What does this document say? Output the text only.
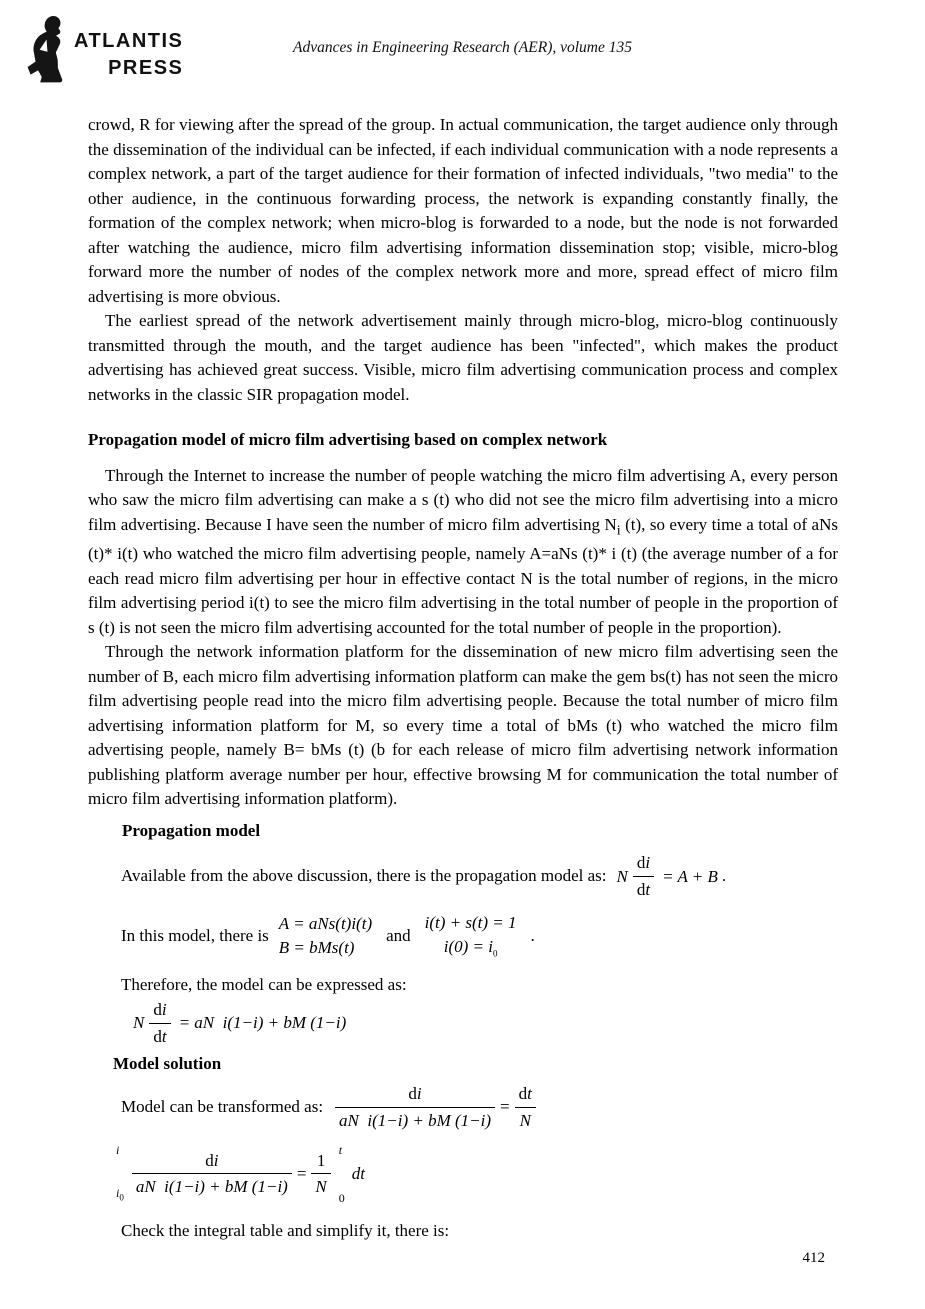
ATLANTIS
PRESS
Advances in Engineering Research (AER), volume 135

crowd, R for viewing after the spread of the group. In actual communication, the target audience only through the dissemination of the individual can be infected, if each individual communication with a node represents a complex network, a part of the target audience for their formation of infected individuals, "two media" to the other audience, in the continuous forwarding process, the network is expanding constantly finally, the formation of the complex network; when micro-blog is forwarded to a node, but the node is not forwarded after watching the audience, micro film advertising information dissemination stop; visible, micro-blog forward more the number of nodes of the complex network more and more, spread effect of micro film advertising is more obvious.

The earliest spread of the network advertisement mainly through micro-blog, micro-blog continuously transmitted through the mouth, and the target audience has been "infected", which makes the product advertising has achieved great success. Visible, micro film advertising communication process and complex networks in the classic SIR propagation model.

Propagation model of micro film advertising based on complex network

Through the Internet to increase the number of people watching the micro film advertising A, every person who saw the micro film advertising can make a s (t) who did not see the micro film advertising into a micro film advertising. Because I have seen the number of micro film advertising $N_i$ (t), so every time a total of aNs (t)* i(t) who watched the micro film advertising people, namely A=aNs (t)* i (t) (the average number of a for each read micro film advertising per hour in effective contact N is the total number of regions, in the micro film advertising period i(t) to see the micro film advertising in the total number of people in the proportion of s (t) is not seen the micro film advertising accounted for the total number of people in the proportion).

Through the network information platform for the dissemination of new micro film advertising seen the number of B, each micro film advertising information platform can make the gem bs(t) has not seen the micro film advertising people read into the micro film advertising people. Because the total number of micro film advertising information platform for M, so every time a total of bMs (t) who watched the micro film advertising people, namely B= bMs (t) (b for each release of micro film advertising network information publishing platform average number per hour, effective browsing M for communication the total number of micro film advertising information platform).

Propagation model
Available from the above discussion, there is the propagation model as: N $\frac{di}{dt} = A + B$ .
In this model, there is
A = aNs(t)i(t)
B = bMs(t)
and
i(t) + s(t) = 1
$i(0) = i_0$
.
Therefore, the model can be expressed as:
N $\frac{di}{dt}$ = aN i(1−i) + bM (1−i)
Model solution
Model can be transformed as: $\frac{di}{\text{aN i(1−i) + bM (1−i)}} = \frac{dt}{N}$
i
$i_0$
$\frac{di}{\text{aN i(1−i) + bM (1−i)}} = \frac{1}{N}$
t
0
dt
Check the integral table and simplify it, there is:
412
